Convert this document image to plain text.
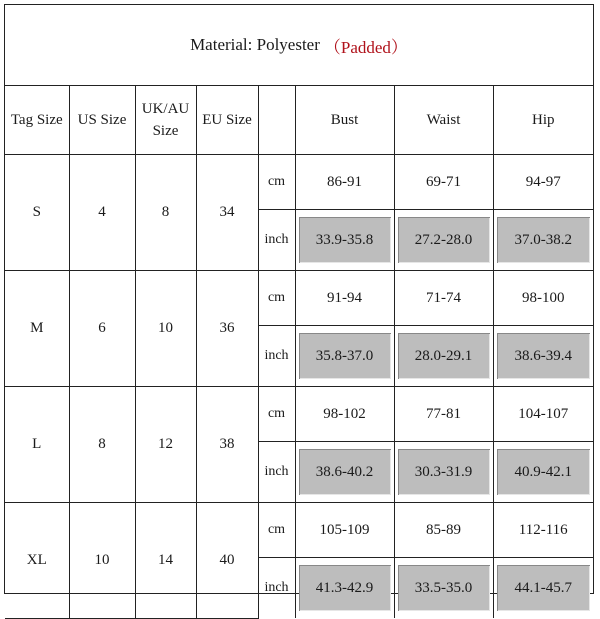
Material: Polyester （Padded）
Tag Size	US Size	UK/AU Size	EU Size		Bust	Waist	Hip
S	4	8	34	cm	86-91	69-71	94-97
				inch	33.9-35.8	27.2-28.0	37.0-38.2

M	6	10	36	cm	91-94	71-74	98-100
				inch	35.8-37.0	28.0-29.1	38.6-39.4

L	8	12	38	cm	98-102	77-81	104-107
				inch	38.6-40.2	30.3-31.9	40.9-42.1

XL	10	14	40	cm	105-109	85-89	112-116
				inch	41.3-42.9	33.5-35.0	44.1-45.7
